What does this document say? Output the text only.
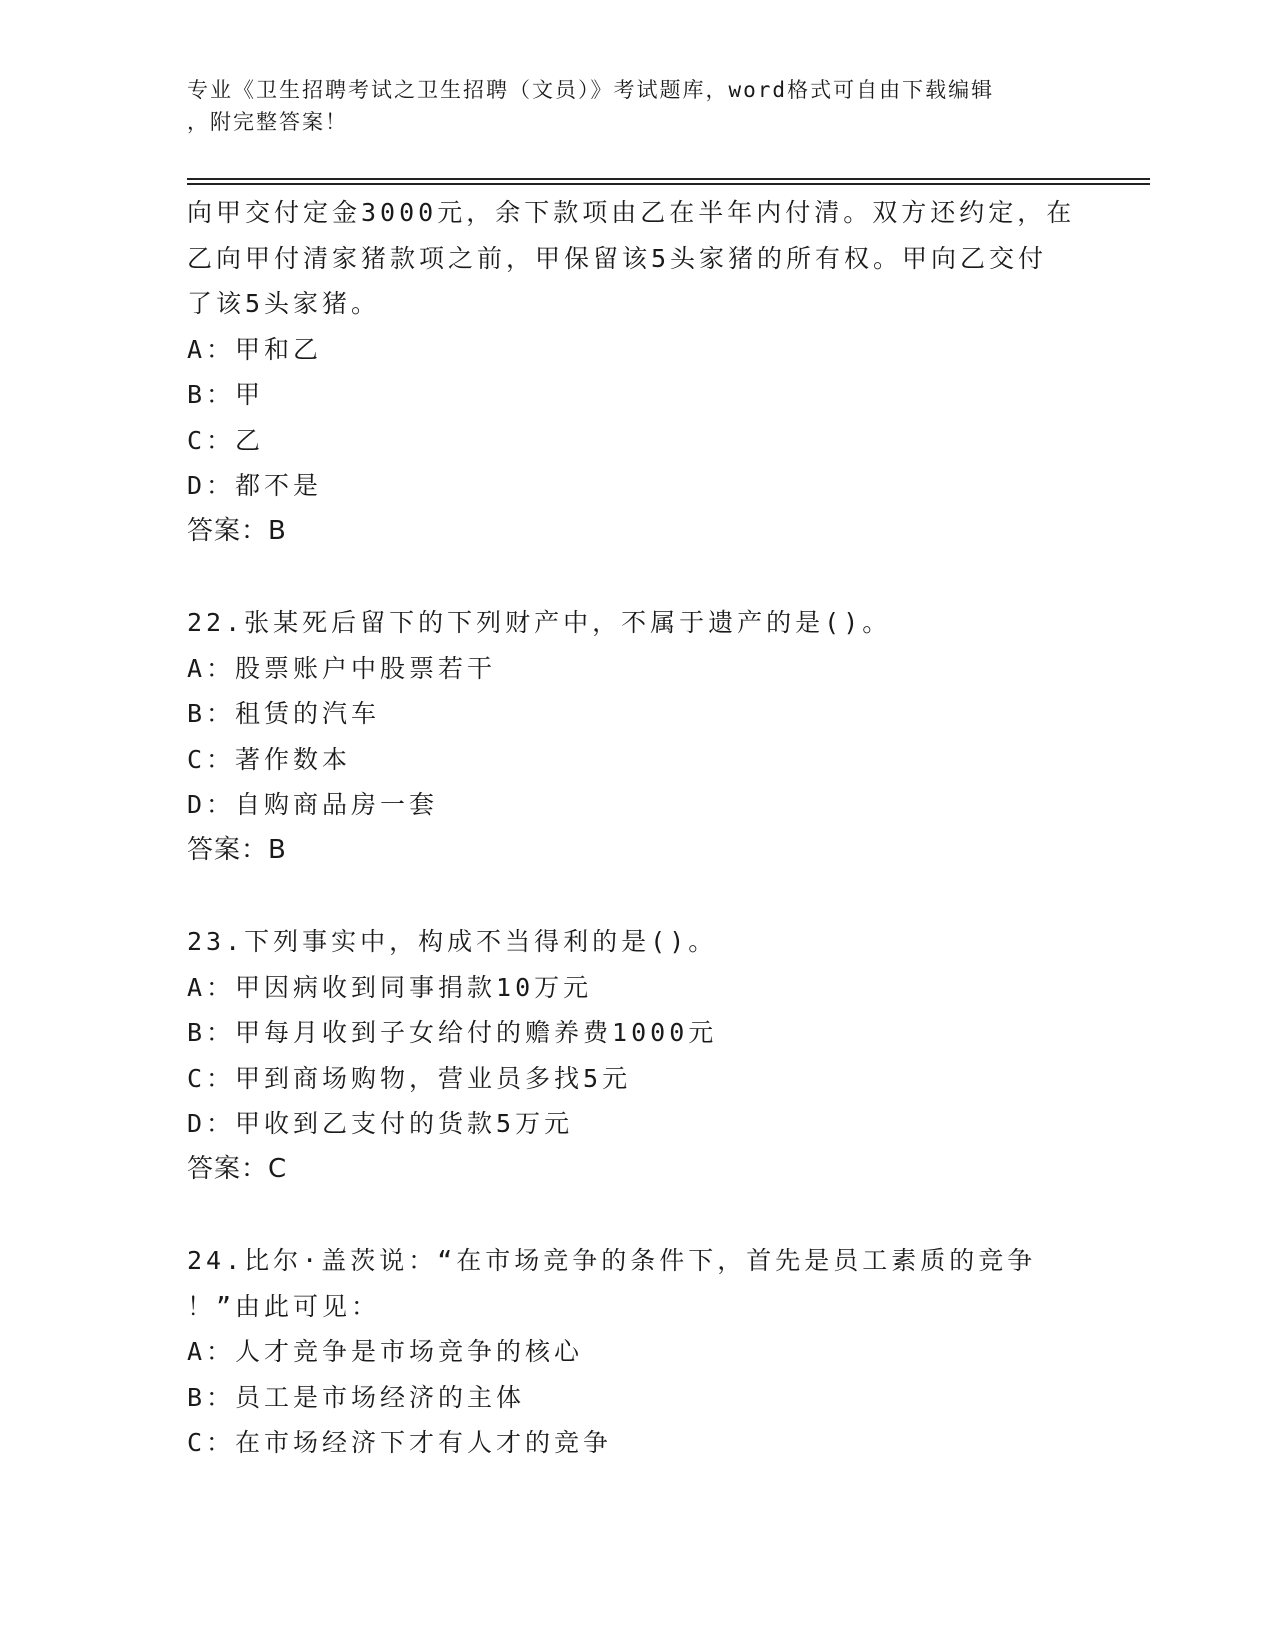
专业《卫生招聘考试之卫生招聘（文员）》考试题库，word格式可自由下载编辑
，附完整答案！
向甲交付定金3000元，余下款项由乙在半年内付清。双方还约定，在
乙向甲付清家猪款项之前，甲保留该5头家猪的所有权。甲向乙交付
了该5头家猪。
A：甲和乙
B：甲
C：乙
D：都不是
答案：B
22.张某死后留下的下列财产中，不属于遗产的是()。
A：股票账户中股票若干
B：租赁的汽车
C：著作数本
D：自购商品房一套
答案：B
23.下列事实中，构成不当得利的是()。
A：甲因病收到同事捐款10万元
B：甲每月收到子女给付的赡养费1000元
C：甲到商场购物，营业员多找5元
D：甲收到乙支付的货款5万元
答案：C
24.比尔·盖茨说：“在市场竞争的条件下，首先是员工素质的竞争
！”由此可见：
A：人才竞争是市场竞争的核心
B：员工是市场经济的主体
C：在市场经济下才有人才的竞争
